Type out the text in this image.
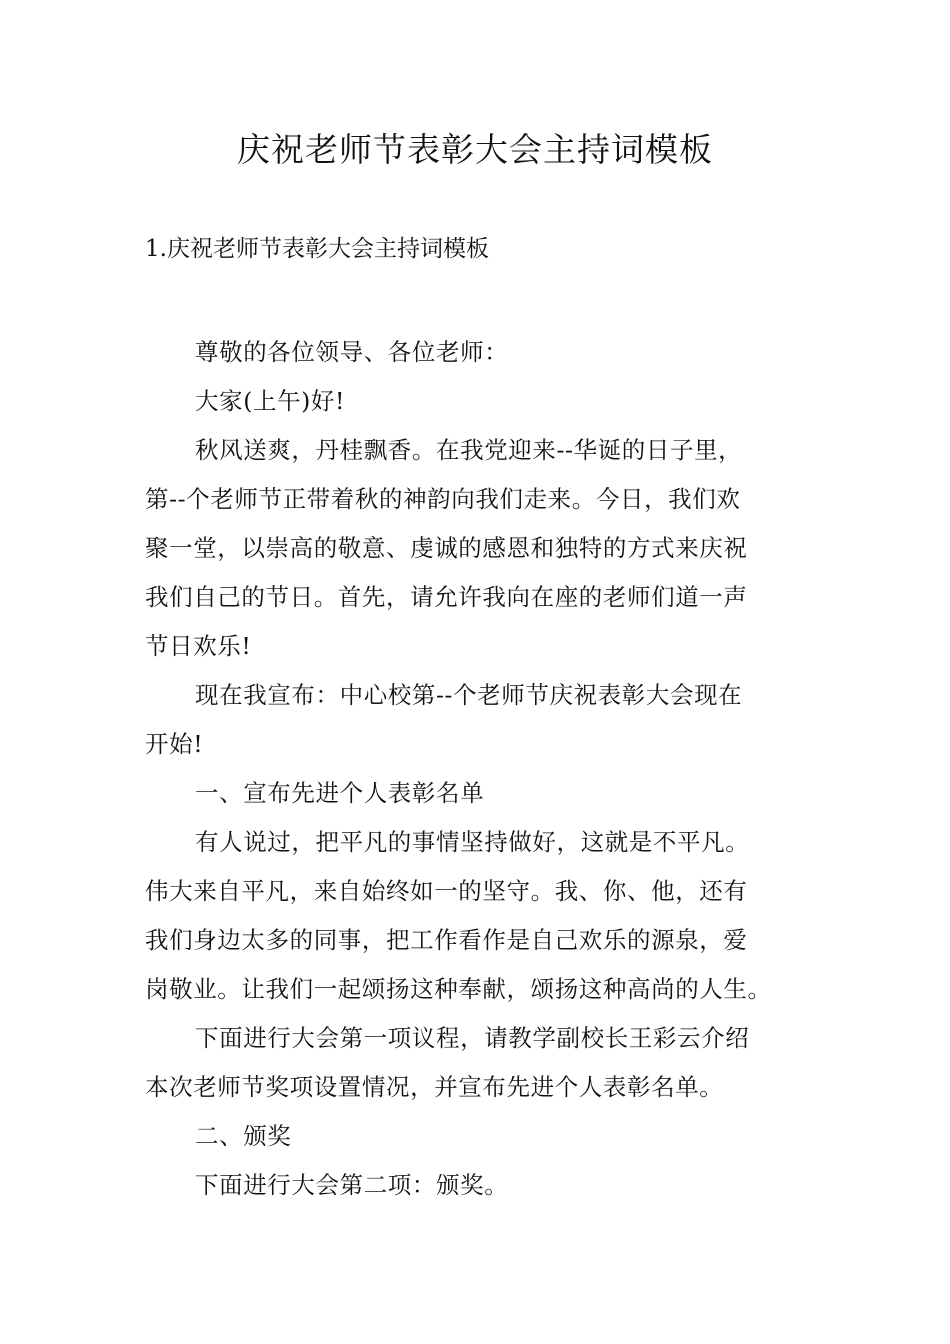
庆祝老师节表彰大会主持词模板
1.庆祝老师节表彰大会主持词模板

尊敬的各位领导、各位老师：

大家(上午)好!

秋风送爽，丹桂飘香。在我党迎来--华诞的日子里，
第--个老师节正带着秋的神韵向我们走来。今日，我们欢
聚一堂，以崇高的敬意、虔诚的感恩和独特的方式来庆祝
我们自己的节日。首先，请允许我向在座的老师们道一声
节日欢乐!

现在我宣布：中心校第--个老师节庆祝表彰大会现在
开始!

一、宣布先进个人表彰名单

有人说过，把平凡的事情坚持做好，这就是不平凡。
伟大来自平凡，来自始终如一的坚守。我、你、他，还有
我们身边太多的同事，把工作看作是自己欢乐的源泉，爱
岗敬业。让我们一起颂扬这种奉献，颂扬这种高尚的人生。

下面进行大会第一项议程，请教学副校长王彩云介绍
本次老师节奖项设置情况，并宣布先进个人表彰名单。

二、颁奖

下面进行大会第二项：颁奖。
